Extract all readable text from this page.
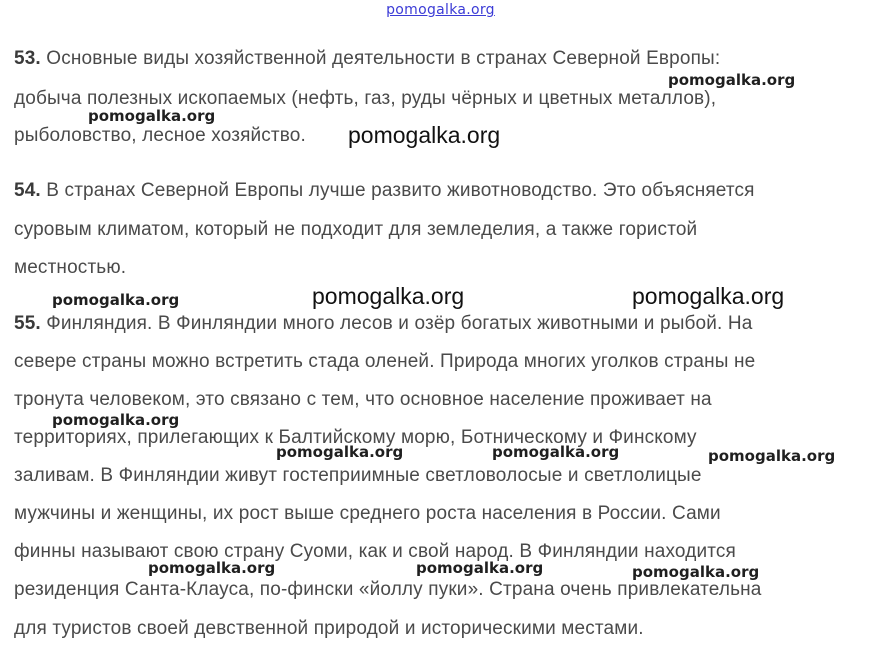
pomogalka.org
53. Основные виды хозяйственной деятельности в странах Северной Европы:
добыча полезных ископаемых (нефть, газ, руды чёрных и цветных металлов),
рыболовство, лесное хозяйство.
54. В странах Северной Европы лучше развито животноводство. Это объясняется
суровым климатом, который не подходит для земледелия, а также гористой
местностью.
55. Финляндия. В Финляндии много лесов и озёр богатых животными и рыбой. На
севере страны можно встретить стада оленей. Природа многих уголков страны не
тронута человеком, это связано с тем, что основное население проживает на
территориях, прилегающих к Балтийскому морю, Ботническому и Финскому
заливам. В Финляндии живут гостеприимные светловолосые и светлолицые
мужчины и женщины, их рост выше среднего роста населения в России. Сами
финны называют свою страну Суоми, как и свой народ. В Финляндии находится
резиденция Санта-Клауса, по-фински «йоллу пуки». Страна очень привлекательна
для туристов своей девственной природой и историческими местами.
pomogalka.org
pomogalka.org
pomogalka.org
pomogalka.org	pomogalka.org	pomogalka.org
pomogalka.org
pomogalka.org	pomogalka.org	pomogalka.org
pomogalka.org	pomogalka.org	pomogalka.org
